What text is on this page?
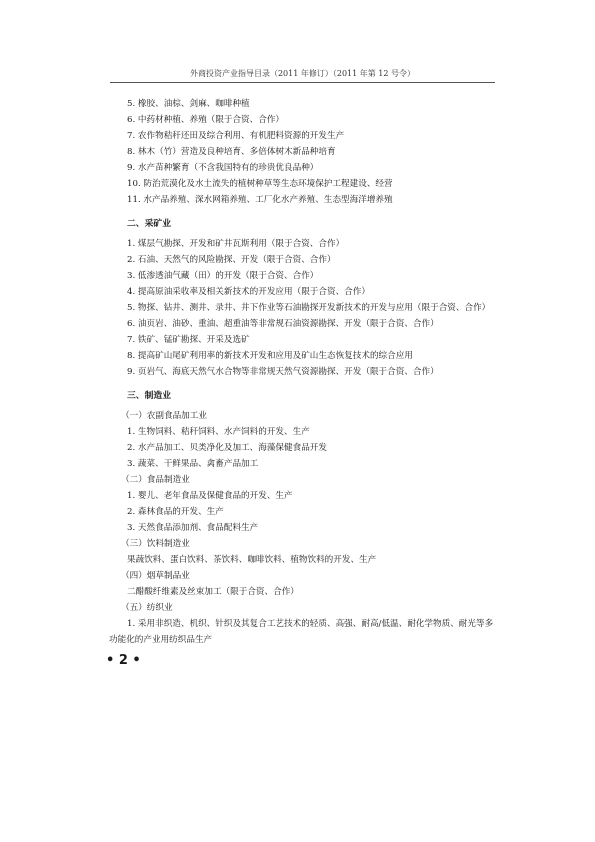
外商投资产业指导目录（2011 年修订）（2011 年第 12 号令）
5. 橡胶、油棕、剑麻、咖啡种植
6. 中药材种植、养殖（限于合资、合作）
7. 农作物秸秆还田及综合利用、有机肥料资源的开发生产
8. 林木（竹）营造及良种培育、多倍体树木新品种培育
9. 水产苗种繁育（不含我国特有的珍贵优良品种）
10. 防治荒漠化及水土流失的植树种草等生态环境保护工程建设、经营
11. 水产品养殖、深水网箱养殖、工厂化水产养殖、生态型海洋增养殖
二、采矿业
1. 煤层气勘探、开发和矿井瓦斯利用（限于合资、合作）
2. 石油、天然气的风险勘探、开发（限于合资、合作）
3. 低渗透油气藏（田）的开发（限于合资、合作）
4. 提高原油采收率及相关新技术的开发应用（限于合资、合作）
5. 物探、钻井、测井、录井、井下作业等石油勘探开发新技术的开发与应用（限于合资、合作）
6. 油页岩、油砂、重油、超重油等非常规石油资源勘探、开发（限于合资、合作）
7. 铁矿、锰矿勘探、开采及选矿
8. 提高矿山尾矿利用率的新技术开发和应用及矿山生态恢复技术的综合应用
9. 页岩气、海底天然气水合物等非常规天然气资源勘探、开发（限于合资、合作）
三、制造业
（一）农副食品加工业
1. 生物饲料、秸秆饲料、水产饲料的开发、生产
2. 水产品加工、贝类净化及加工、海藻保健食品开发
3. 蔬菜、干鲜果品、禽畜产品加工
（二）食品制造业
1. 婴儿、老年食品及保健食品的开发、生产
2. 森林食品的开发、生产
3. 天然食品添加剂、食品配料生产
（三）饮料制造业
果蔬饮料、蛋白饮料、茶饮料、咖啡饮料、植物饮料的开发、生产
（四）烟草制品业
二醋酸纤维素及丝束加工（限于合资、合作）
（五）纺织业
1. 采用非织造、机织、针织及其复合工艺技术的轻质、高强、耐高/低温、耐化学物质、耐光等多功能化的产业用纺织品生产
• 2 •
